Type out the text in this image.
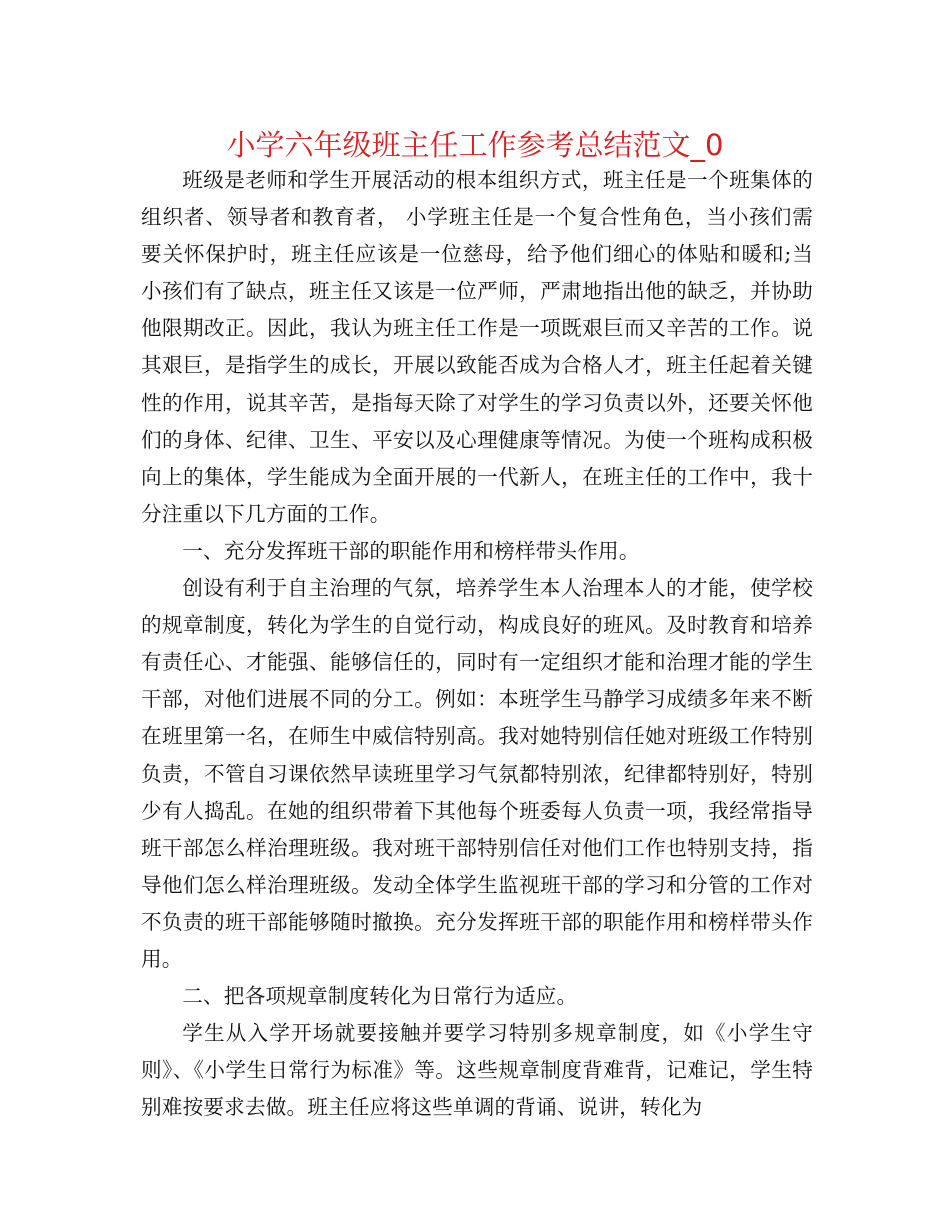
小学六年级班主任工作参考总结范文_0

班级是老师和学生开展活动的根本组织方式，班主任是一个班集体的组织者、领导者和教育者， 小学班主任是一个复合性角色，当小孩们需要关怀保护时，班主任应该是一位慈母，给予他们细心的体贴和暖和;当小孩们有了缺点，班主任又该是一位严师，严肃地指出他的缺乏，并协助他限期改正。因此，我认为班主任工作是一项既艰巨而又辛苦的工作。说其艰巨，是指学生的成长，开展以致能否成为合格人才，班主任起着关键性的作用，说其辛苦，是指每天除了对学生的学习负责以外，还要关怀他们的身体、纪律、卫生、平安以及心理健康等情况。为使一个班构成积极向上的集体，学生能成为全面开展的一代新人，在班主任的工作中，我十分注重以下几方面的工作。

一、充分发挥班干部的职能作用和榜样带头作用。

创设有利于自主治理的气氛，培养学生本人治理本人的才能，使学校的规章制度，转化为学生的自觉行动，构成良好的班风。及时教育和培养有责任心、才能强、能够信任的，同时有一定组织才能和治理才能的学生干部，对他们进展不同的分工。例如：本班学生马静学习成绩多年来不断在班里第一名，在师生中威信特别高。我对她特别信任她对班级工作特别负责，不管自习课依然早读班里学习气氛都特别浓，纪律都特别好，特别少有人捣乱。在她的组织带着下其他每个班委每人负责一项，我经常指导班干部怎么样治理班级。我对班干部特别信任对他们工作也特别支持，指导他们怎么样治理班级。发动全体学生监视班干部的学习和分管的工作对不负责的班干部能够随时撤换。充分发挥班干部的职能作用和榜样带头作用。

二、把各项规章制度转化为日常行为适应。

学生从入学开场就要接触并要学习特别多规章制度，如《小学生守则》、《小学生日常行为标准》等。这些规章制度背难背，记难记，学生特别难按要求去做。班主任应将这些单调的背诵、说讲，转化为
